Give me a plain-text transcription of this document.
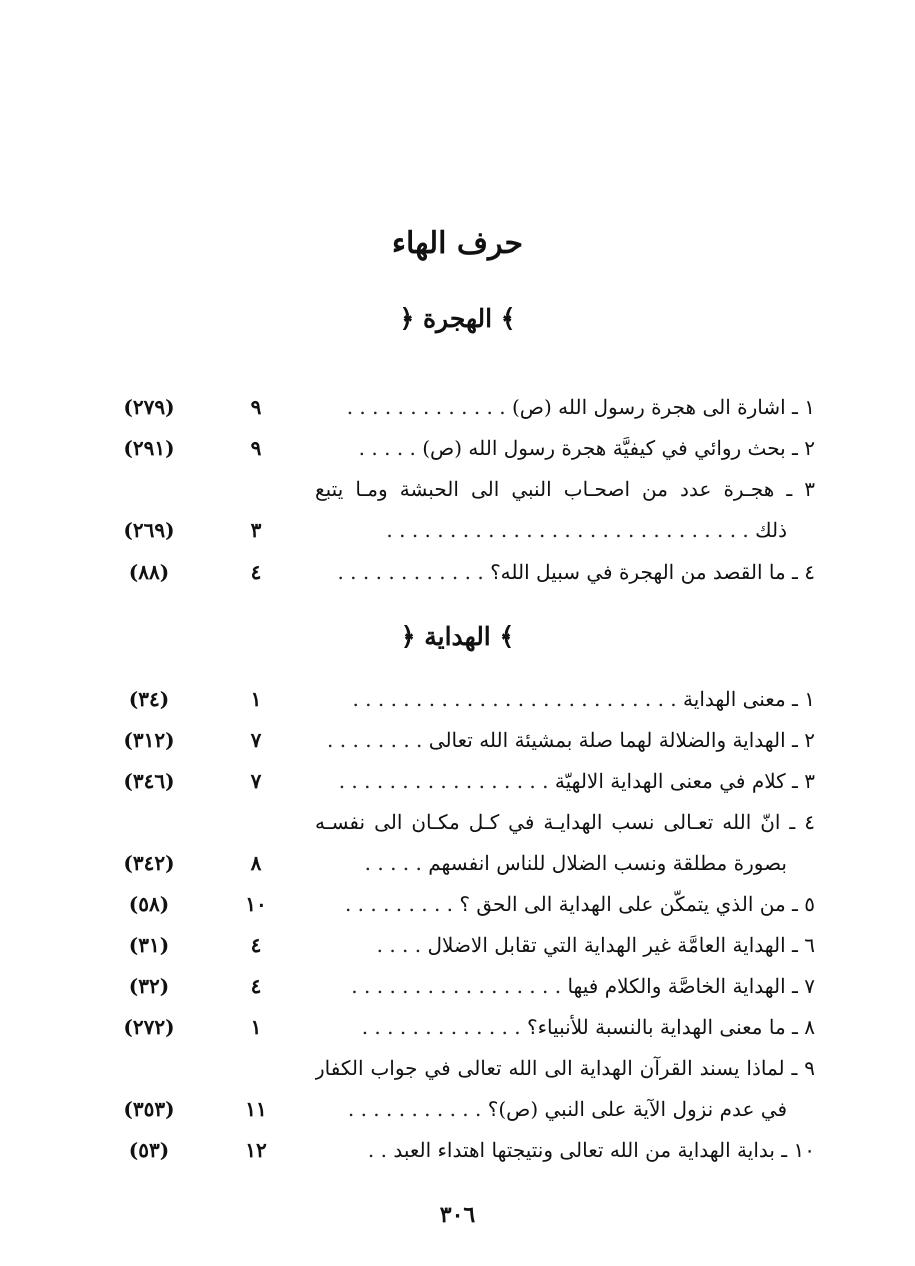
حرف الهاء
﴿ الهجرة ﴾
١ ـ اشارة الى هجرة رسول الله (ص) . . . . . . . . . . . . .
٩
(٢٧٩)
٢ ـ بحث روائي في كيفيَّة هجرة رسول الله (ص) . . . . .
٩
(٢٩١)
٣ ـ هجـرة عدد من اصحـاب النبي الى الحبشة ومـا يتبع
ذلك . . . . . . . . . . . . . . . . . . . . . . . . . . . . .
٣
(٢٦٩)
٤ ـ ما القصد من الهجرة في سبيل الله؟ . . . . . . . . . . . .
٤
(٨٨)
﴿ الهداية ﴾
١ ـ معنى الهداية . . . . . . . . . . . . . . . . . . . . . . . . . .
١
(٣٤)
٢ ـ الهداية والضلالة لهما صلة بمشيئة الله تعالى . . . . . . . .
٧
(٣١٢)
٣ ـ كلام في معنى الهداية الالهيّة . . . . . . . . . . . . . . . . .
٧
(٣٤٦)
٤ ـ انّ الله تعـالى نسب الهدايـة في كـل مكـان الى نفسـه
بصورة مطلقة ونسب الضلال للناس انفسهم . . . . .
٨
(٣٤٢)
٥ ـ من الذي يتمكّن على الهداية الى الحق ؟ . . . . . . . . .
١٠
(٥٨)
٦ ـ الهداية العامَّة غير الهداية التي تقابل الاضلال . . . .
٤
(٣١)
٧ ـ الهداية الخاصَّة والكلام فيها . . . . . . . . . . . . . . . . .
٤
(٣٢)
٨ ـ ما معنى الهداية بالنسبة للأنبياء؟ . . . . . . . . . . . . .
١
(٢٧٢)
٩ ـ لماذا يسند القرآن الهداية الى الله تعالى في جواب الكفار
في عدم نزول الآية على النبي (ص)؟ . . . . . . . . . . .
١١
(٣٥٣)
١٠ ـ بداية الهداية من الله تعالى ونتيجتها اهتداء العبد . .
١٢
(٥٣)
٣٠٦
